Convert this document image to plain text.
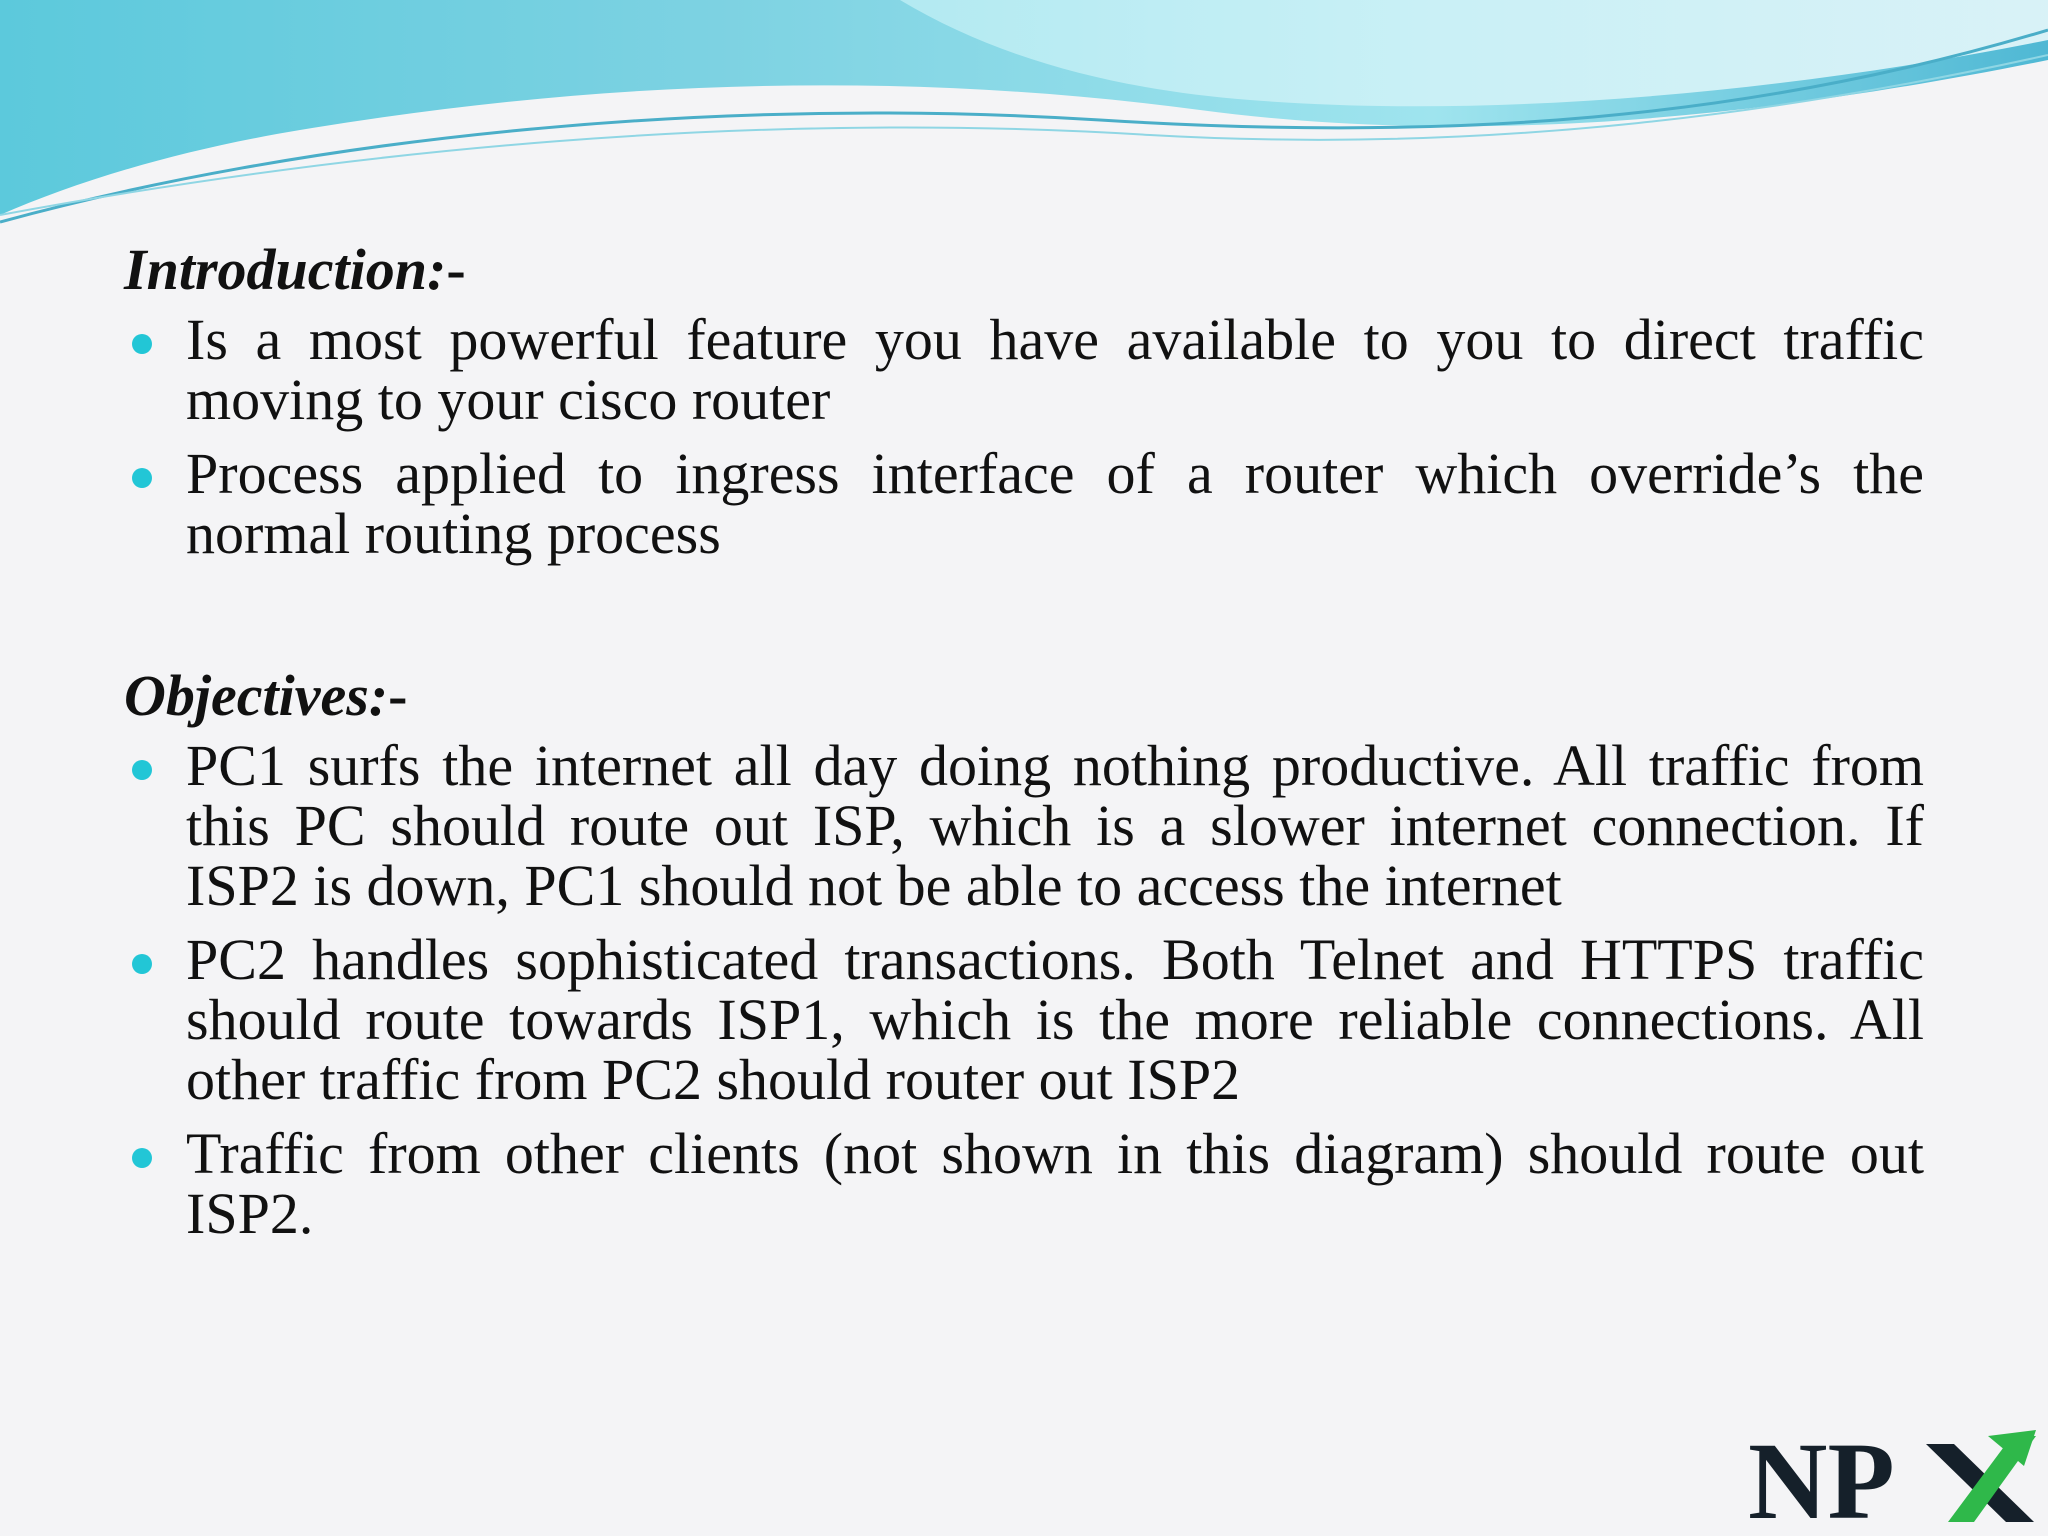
Introduction:-
Is a most powerful feature you have available to you to direct traffic moving to your cisco router
Process applied to ingress interface of a router which override’s the normal routing process
Objectives:-
PC1 surfs the internet all day doing nothing productive. All traffic from this PC should route out ISP, which is a slower internet connection. If ISP2 is down, PC1 should not be able to access the internet
PC2 handles sophisticated transactions. Both Telnet and HTTPS traffic should route towards ISP1, which is the more reliable connections. All other traffic from PC2 should router out ISP2
Traffic from other clients (not shown in this diagram) should route out ISP2.
NP
